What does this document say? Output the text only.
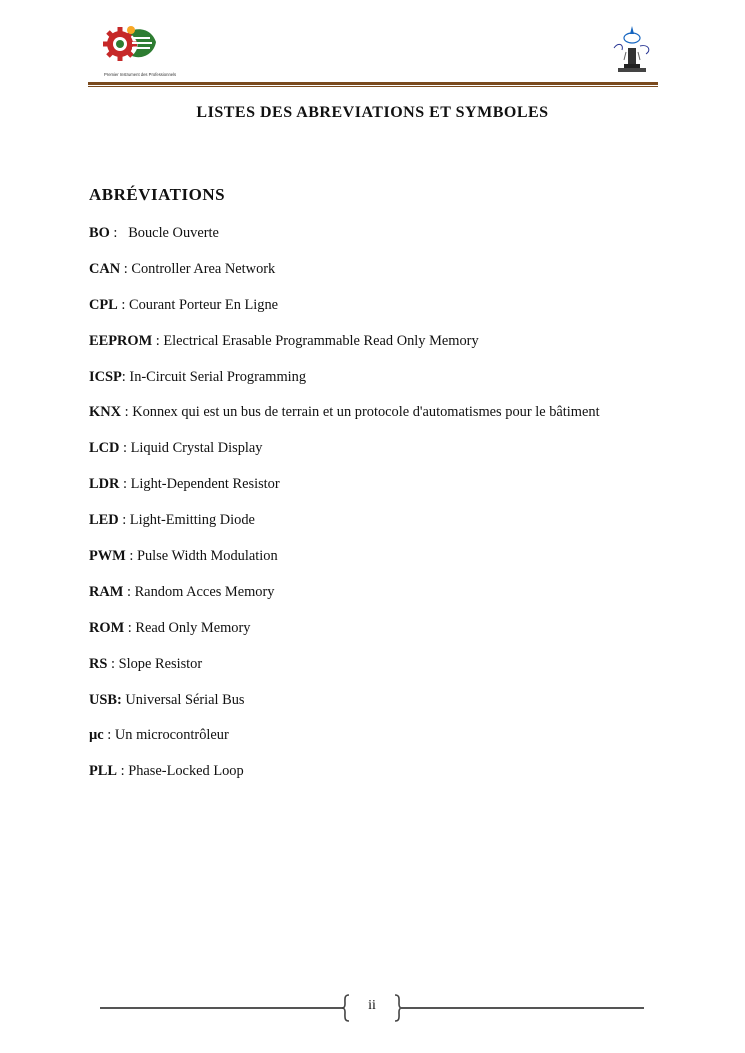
Premier Instrument des Professionnels
LISTES DES ABREVIATIONS ET SYMBOLES
ABRÉVIATIONS
BO :   Boucle Ouverte
CAN : Controller Area Network
CPL : Courant Porteur En Ligne
EEPROM : Electrical Erasable Programmable Read Only Memory
ICSP: In-Circuit Serial Programming
KNX : Konnex qui est un bus de terrain et un protocole d'automatismes pour le bâtiment
LCD : Liquid Crystal Display
LDR : Light-Dependent Resistor
LED : Light-Emitting Diode
PWM : Pulse Width Modulation
RAM : Random Acces Memory
ROM : Read Only Memory
RS : Slope Resistor
USB: Universal Sérial Bus
µc : Un microcontrôleur
PLL : Phase-Locked Loop
ii
